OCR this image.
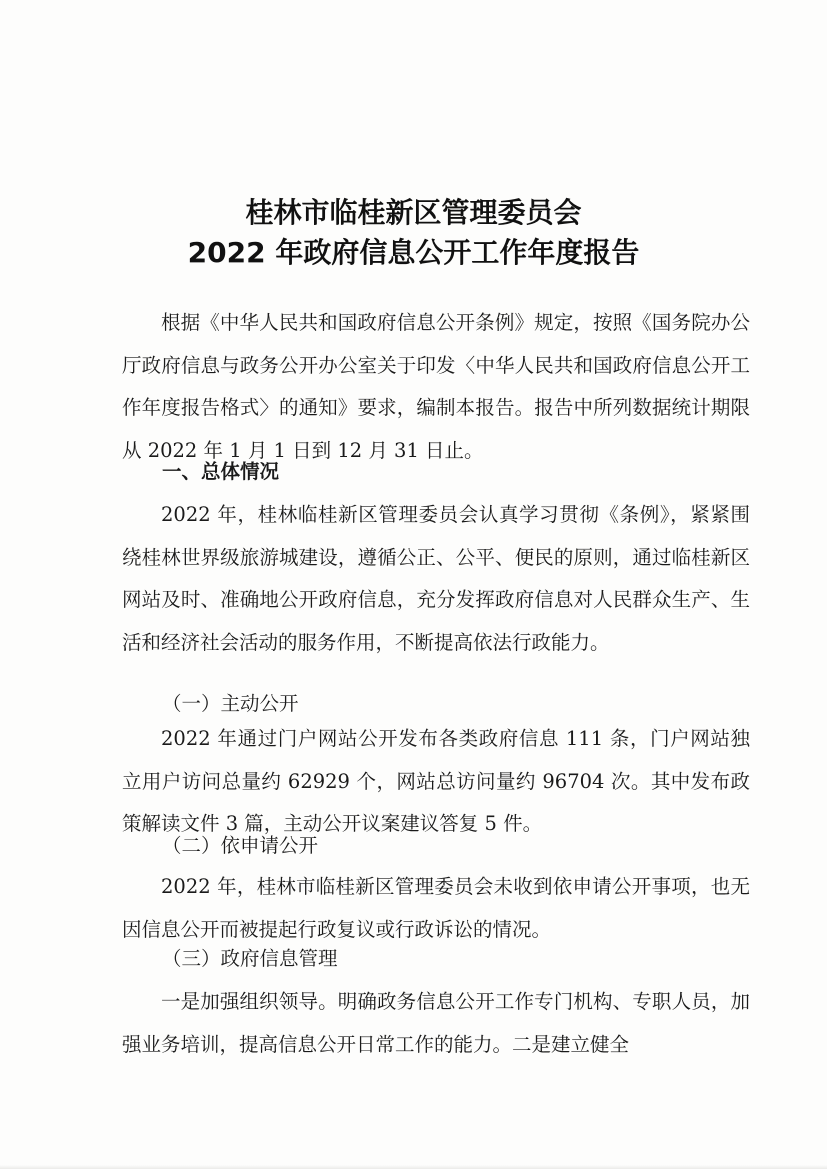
桂林市临桂新区管理委员会
2022 年政府信息公开工作年度报告
根据《中华人民共和国政府信息公开条例》规定，按照《国务院办公厅政府信息与政务公开办公室关于印发〈中华人民共和国政府信息公开工作年度报告格式〉的通知》要求，编制本报告。报告中所列数据统计期限从 2022 年 1 月 1 日到 12 月 31 日止。
一、总体情况
2022 年，桂林临桂新区管理委员会认真学习贯彻《条例》，紧紧围绕桂林世界级旅游城建设，遵循公正、公平、便民的原则，通过临桂新区网站及时、准确地公开政府信息，充分发挥政府信息对人民群众生产、生活和经济社会活动的服务作用，不断提高依法行政能力。
（一）主动公开
2022 年通过门户网站公开发布各类政府信息 111 条，门户网站独立用户访问总量约 62929 个，网站总访问量约 96704 次。其中发布政策解读文件 3 篇，主动公开议案建议答复 5 件。
（二）依申请公开
2022 年，桂林市临桂新区管理委员会未收到依申请公开事项，也无因信息公开而被提起行政复议或行政诉讼的情况。
（三）政府信息管理
一是加强组织领导。明确政务信息公开工作专门机构、专职人员，加强业务培训，提高信息公开日常工作的能力。二是建立健全
